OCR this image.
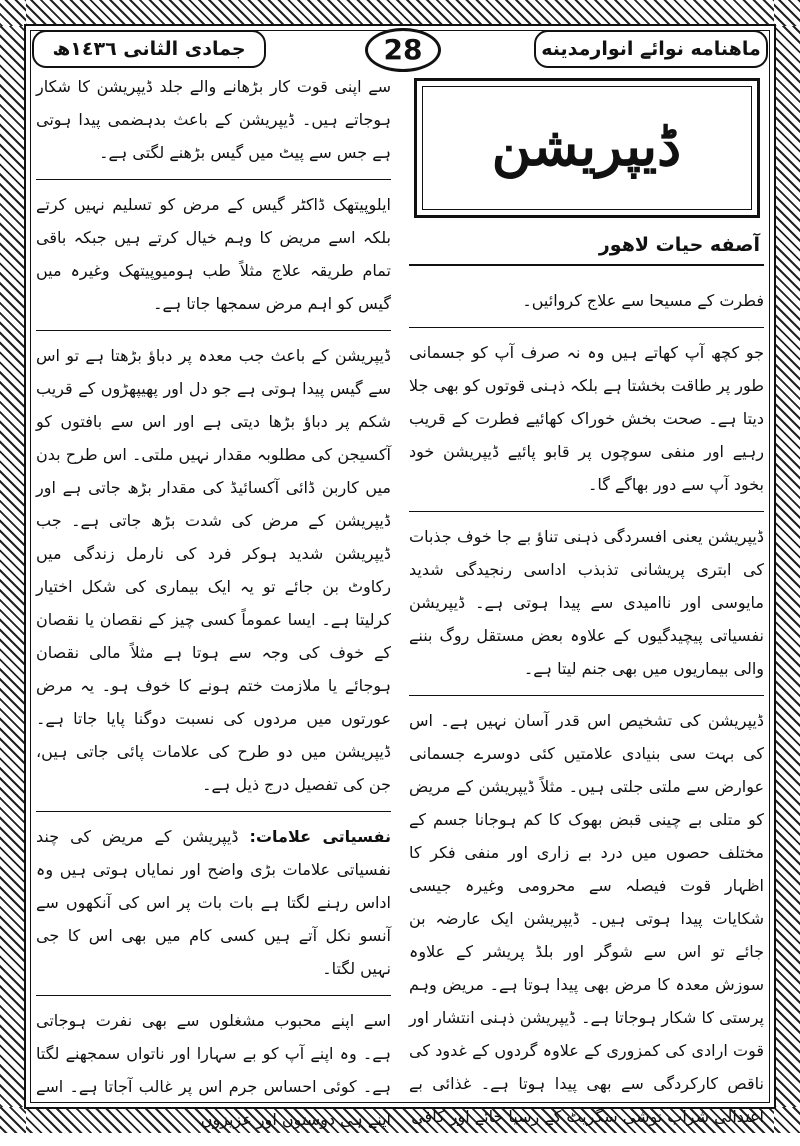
ماهنامه نوائے انوارمدینه
28
جمادی الثانی ١٤٣٦ھ
ڈیپریشن
آصفه حیات لاهور

فطرت کے مسیحا سے علاج کروائیں۔

جو کچھ آپ کھاتے ہیں وہ نہ صرف آپ کو جسمانی طور پر طاقت بخشتا ہے بلکہ ذہنی قوتوں کو بھی جلا دیتا ہے۔ صحت بخش خوراک کھائیے فطرت کے قریب رہیے اور منفی سوچوں پر قابو پائیے ڈیپریشن خود بخود آپ سے دور بھاگے گا۔

ڈیپریشن یعنی افسردگی ذہنی تناؤ بے جا خوف جذبات کی ابتری پریشانی تذبذب اداسی رنجیدگی شدید مایوسی اور ناامیدی سے پیدا ہوتی ہے۔ ڈیپریشن نفسیاتی پیچیدگیوں کے علاوہ بعض مستقل روگ بننے والی بیماریوں میں بھی جنم لیتا ہے۔

ڈیپریشن کی تشخیص اس قدر آسان نہیں ہے۔ اس کی بہت سی بنیادی علامتیں کئی دوسرے جسمانی عوارض سے ملتی جلتی ہیں۔ مثلاً ڈیپریشن کے مریض کو متلی بے چینی قبض بھوک کا کم ہوجانا جسم کے مختلف حصوں میں درد بے زاری اور منفی فکر کا اظہار قوت فیصلہ سے محرومی وغیرہ جیسی شکایات پیدا ہوتی ہیں۔ ڈیپریشن ایک عارضہ بن جائے تو اس سے شوگر اور بلڈ پریشر کے علاوہ سوزش معدہ کا مرض بھی پیدا ہوتا ہے۔ مریض وہم پرستی کا شکار ہوجاتا ہے۔ ڈیپریشن ذہنی انتشار اور قوت ارادی کی کمزوری کے علاوہ گردوں کے غدود کی ناقص کارکردگی سے بھی پیدا ہوتا ہے۔ غذائی بے اعتدالی شراب نوشی سگریٹ کے رسیا جائے اور کافی

سے اپنی قوت کار بڑھانے والے جلد ڈیپریشن کا شکار ہوجاتے ہیں۔ ڈیپریشن کے باعث بدہضمی پیدا ہوتی ہے جس سے پیٹ میں گیس بڑھنے لگتی ہے۔

ایلوپیتھک ڈاکٹر گیس کے مرض کو تسلیم نہیں کرتے بلکہ اسے مریض کا وہم خیال کرتے ہیں جبکہ باقی تمام طریقہ علاج مثلاً طب ہومیوپیتھک وغیرہ میں گیس کو اہم مرض سمجھا جاتا ہے۔

ڈیپریشن کے باعث جب معدہ پر دباؤ بڑھتا ہے تو اس سے گیس پیدا ہوتی ہے جو دل اور پھیپھڑوں کے قریب شکم پر دباؤ بڑھا دیتی ہے اور اس سے بافتوں کو آکسیجن کی مطلوبہ مقدار نہیں ملتی۔ اس طرح بدن میں کاربن ڈائی آکسائیڈ کی مقدار بڑھ جاتی ہے اور ڈیپریشن کے مرض کی شدت بڑھ جاتی ہے۔ جب ڈیپریشن شدید ہوکر فرد کی نارمل زندگی میں رکاوٹ بن جائے تو یہ ایک بیماری کی شکل اختیار کرلیتا ہے۔ ایسا عموماً کسی چیز کے نقصان یا نقصان کے خوف کی وجہ سے ہوتا ہے مثلاً مالی نقصان ہوجائے یا ملازمت ختم ہونے کا خوف ہو۔ یہ مرض عورتوں میں مردوں کی نسبت دوگنا پایا جاتا ہے۔ ڈیپریشن میں دو طرح کی علامات پائی جاتی ہیں، جن کی تفصیل درج ذیل ہے۔

نفسیاتی علامات: ڈیپریشن کے مریض کی چند نفسیاتی علامات بڑی واضح اور نمایاں ہوتی ہیں وہ اداس رہنے لگتا ہے بات بات پر اس کی آنکھوں سے آنسو نکل آتے ہیں کسی کام میں بھی اس کا جی نہیں لگتا۔

اسے اپنے محبوب مشغلوں سے بھی نفرت ہوجاتی ہے۔ وہ اپنے آپ کو بے سہارا اور ناتواں سمجھنے لگتا ہے۔ کوئی احساس جرم اس پر غالب آجاتا ہے۔ اسے اپنے ہی دوستوں اور عزیزوں
